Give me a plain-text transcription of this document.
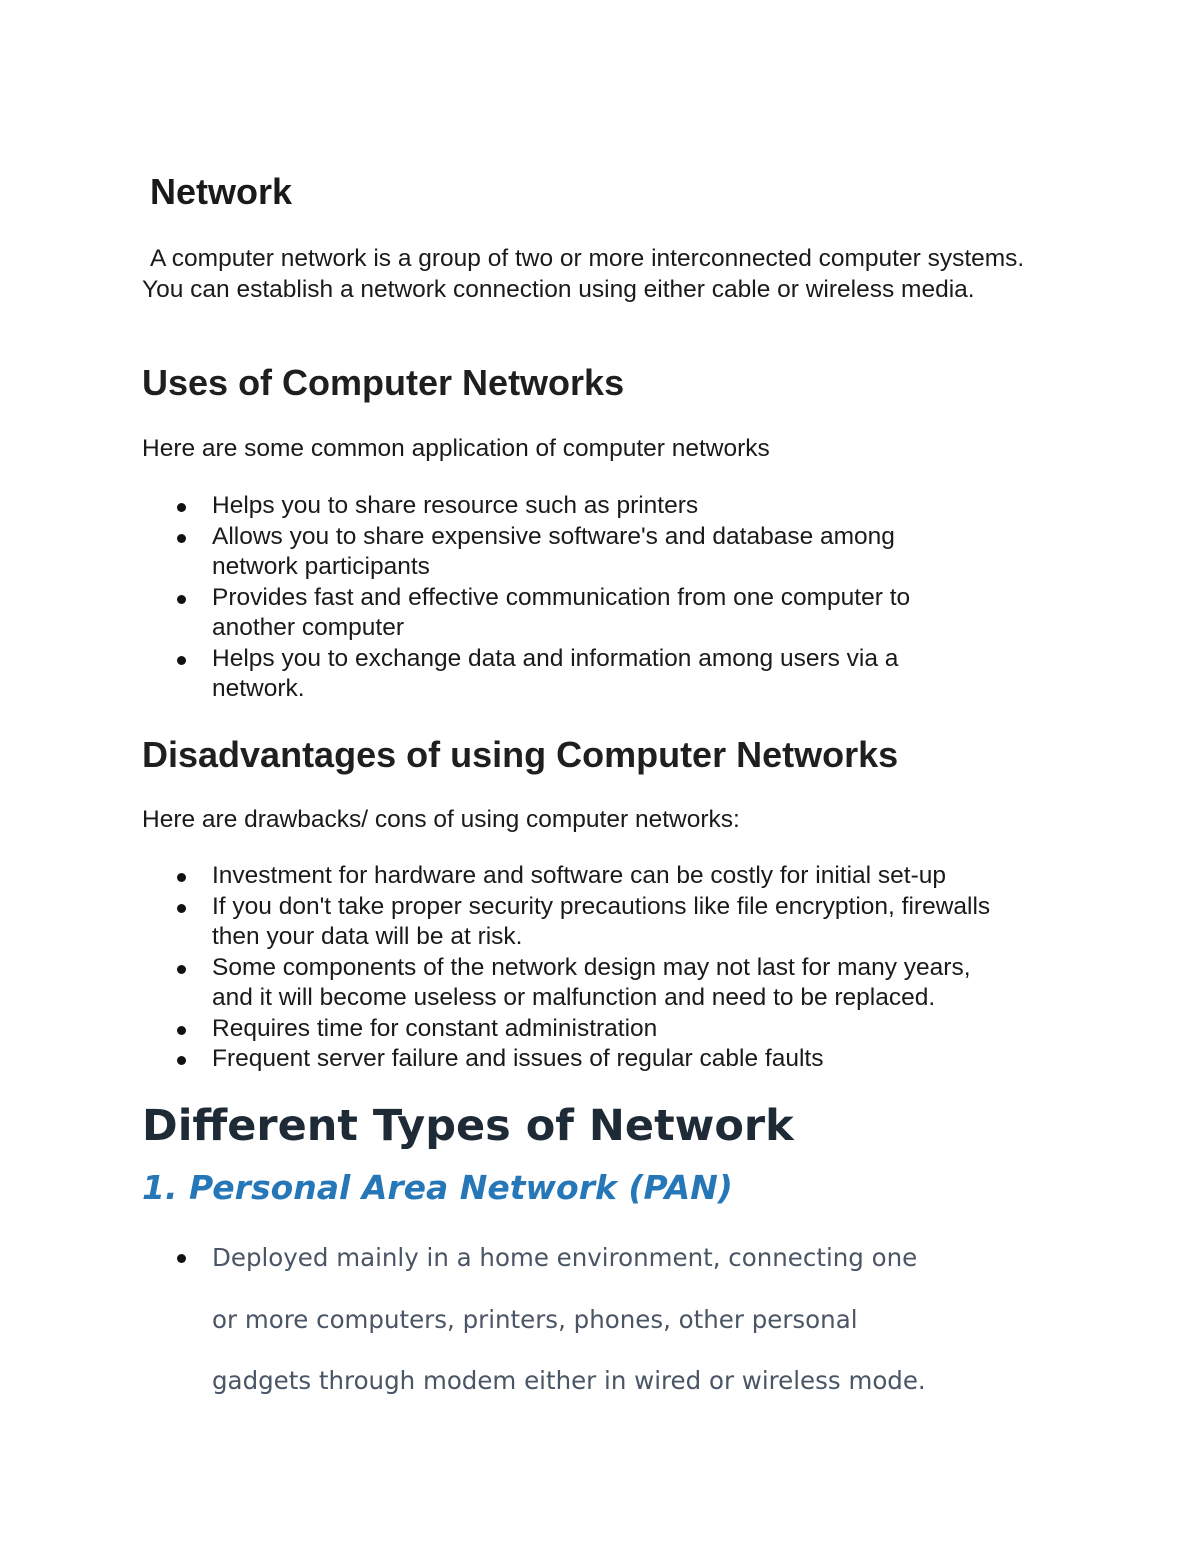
Network

A computer network is a group of two or more interconnected computer systems. You can establish a network connection using either cable or wireless media.

Uses of Computer Networks

Here are some common application of computer networks

Helps you to share resource such as printers
Allows you to share expensive software's and database among network participants
Provides fast and effective communication from one computer to another computer
Helps you to exchange data and information among users via a network.
Disadvantages of using Computer Networks

Here are drawbacks/ cons of using computer networks:

Investment for hardware and software can be costly for initial set-up
If you don't take proper security precautions like file encryption, firewalls then your data will be at risk.
Some components of the network design may not last for many years, and it will become useless or malfunction and need to be replaced.
Requires time for constant administration
Frequent server failure and issues of regular cable faults
Different Types of Network
1. Personal Area Network (PAN)
Deployed mainly in a home environment, connecting one or more computers, printers, phones, other personal gadgets through modem either in wired or wireless mode.
